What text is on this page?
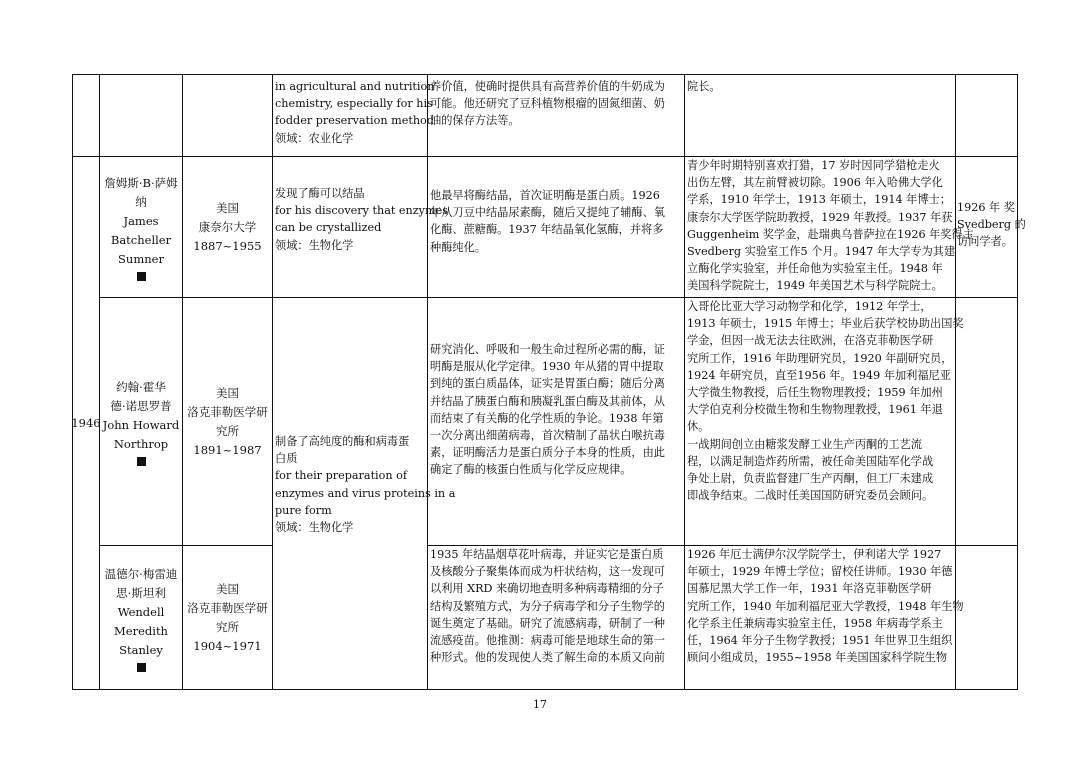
in agricultural and nutrition
chemistry, especially for his
fodder preservation method
领域：农业化学
养价值，使确时提供具有高营养价值的牛奶成为
可能。他还研究了豆科植物根瘤的固氮细菌、奶
油的保存方法等。
院长。
1946
詹姆斯·B·萨姆
纳
James
Batcheller
Sumner
美国
康奈尔大学
1887~1955
发现了酶可以结晶
for his discovery that enzymes
can be crystallized
领域：生物化学
他最早将酶结晶，首次证明酶是蛋白质。1926
年从刀豆中结晶尿素酶，随后又提纯了辅酶、氧
化酶、蔗糖酶。1937 年结晶氧化氢酶，并将多
种酶纯化。
青少年时期特别喜欢打猎，17 岁时因同学猎枪走火
出伤左臂，其左前臂被切除。1906 年入哈佛大学化
学系，1910 年学士，1913 年硕士，1914 年博士；
康奈尔大学医学院助教授，1929 年教授。1937 年获
Guggenheim 奖学金，赴瑞典乌普萨拉在1926 年奖得主
Svedberg 实验室工作5 个月。1947 年大学专为其建
立酶化学实验室，并任命他为实验室主任。1948 年
美国科学院院士，1949 年美国艺术与科学院院士。
1926 年 奖
Svedberg 的
访问学者。
约翰·霍华
德·诺思罗普
John Howard
Northrop
美国
洛克菲勒医学研
究所
1891~1987
研究消化、呼吸和一般生命过程所必需的酶，证
明酶是服从化学定律。1930 年从猪的胃中提取
到纯的蛋白质晶体，证实是胃蛋白酶；随后分离
并结晶了胰蛋白酶和胰凝乳蛋白酶及其前体，从
而结束了有关酶的化学性质的争论。1938 年第
一次分离出细菌病毒，首次精制了晶状白喉抗毒
素，证明酶活力是蛋白质分子本身的性质，由此
确定了酶的核蛋白性质与化学反应规律。
入哥伦比亚大学习动物学和化学，1912 年学士，
1913 年硕士，1915 年博士；毕业后获学校协助出国奖
学金，但因一战无法去往欧洲，在洛克菲勒医学研
究所工作，1916 年助理研究员，1920 年副研究员，
1924 年研究员，直至1956 年。1949 年加利福尼亚
大学微生物教授，后任生物物理教授；1959 年加州
大学伯克利分校微生物和生物物理教授，1961 年退
休。
一战期间创立由糖浆发酵工业生产丙酮的工艺流
程，以满足制造炸药所需，被任命美国陆军化学战
争处上尉，负责监督建厂生产丙酮，但工厂未建成
即战争结束。二战时任美国国防研究委员会顾问。
制备了高纯度的酶和病毒蛋
白质
for their preparation of
enzymes and virus proteins in a
pure form
领域：生物化学
温德尔·梅雷迪
思·斯坦利
Wendell
Meredith
Stanley
美国
洛克菲勒医学研
究所
1904~1971
1935 年结晶烟草花叶病毒，并证实它是蛋白质
及核酸分子聚集体而成为杆状结构，这一发现可
以利用 XRD 来确切地查明多种病毒精细的分子
结构及繁殖方式，为分子病毒学和分子生物学的
诞生奠定了基础。研究了流感病毒，研制了一种
流感疫苗。他推测：病毒可能是地球生命的第一
种形式。他的发现使人类了解生命的本质又向前
1926 年厄士满伊尔汉学院学士，伊利诺大学 1927
年硕士，1929 年博士学位；留校任讲师。1930 年德
国慕尼黑大学工作一年，1931 年洛克菲勒医学研
究所工作，1940 年加利福尼亚大学教授，1948 年生物
化学系主任兼病毒实验室主任，1958 年病毒学系主
任，1964 年分子生物学教授；1951 年世界卫生组织
顾问小组成员，1955~1958 年美国国家科学院生物
17
